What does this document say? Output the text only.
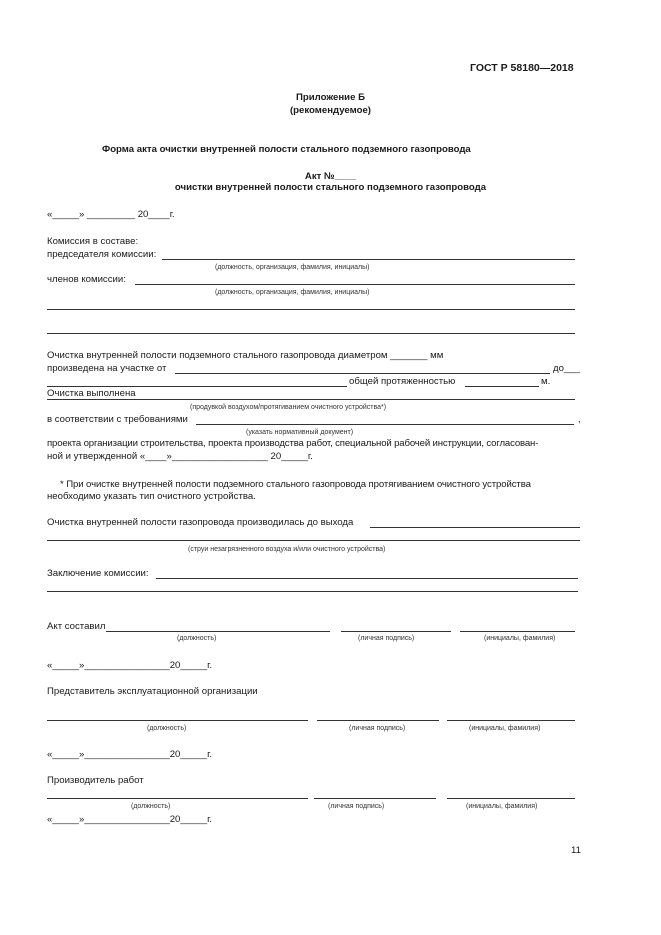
ГОСТ Р 58180—2018
Приложение Б
(рекомендуемое)
Форма акта очистки внутренней полости стального подземного газопровода
Акт №____
очистки внутренней полости стального подземного газопровода
«_____» _________ 20____г.
Комиссия в составе:
председателя комиссии:
(должность, организация, фамилия, инициалы)
членов комиссии:
(должность, организация, фамилия, инициалы)
Очистка внутренней полости подземного стального газопровода диаметром _______ мм
произведена на участке от	до___
общей протяженностью	м.
Очистка выполнена
(продувкой воздухом/протягиванием очистного устройства*)
в соответствии с требованиями	,
(указать нормативный документ)
проекта организации строительства, проекта производства работ, специальной рабочей инструкции, согласован-
ной и утвержденной «____»__________________ 20_____г.
* При очистке внутренней полости подземного стального газопровода протягиванием очистного устройства
необходимо указать тип очистного устройства.
Очистка внутренней полости газопровода производилась до выхода
(струи незагрязненного воздуха и/или очистного устройства)
Заключение комиссии:
Акт составил
(должность)	(личная подпись)	(инициалы, фамилия)
«_____»________________20_____г.
Представитель эксплуатационной организации
(должность)	(личная подпись)	(инициалы, фамилия)
«_____»________________20_____г.
Производитель работ
(должность)	(личная подпись)	(инициалы, фамилия)
«_____»________________20_____г.
11
